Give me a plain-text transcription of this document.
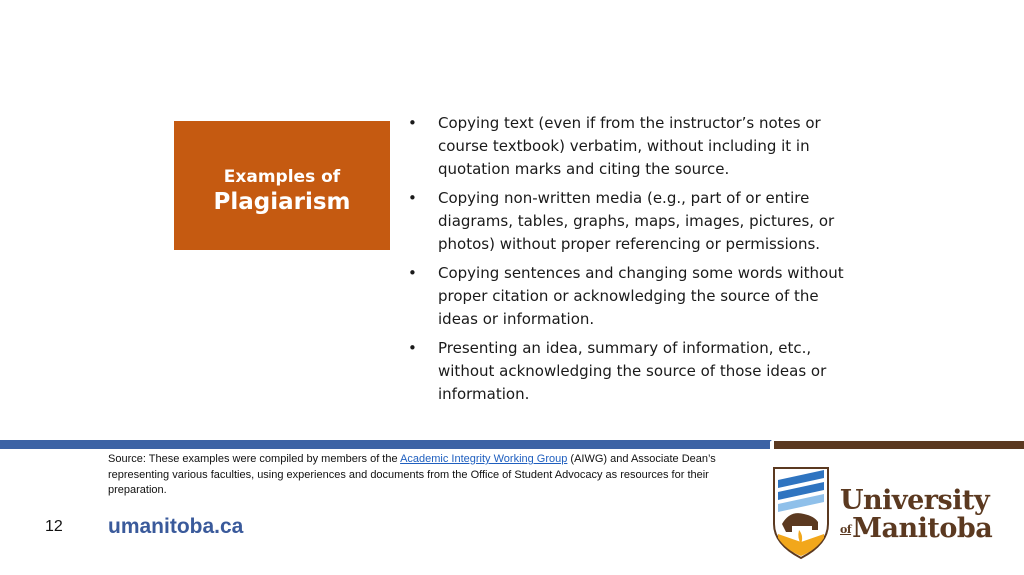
Examples of
Plagiarism
• Copying text (even if from the instructor’s notes or course textbook) verbatim, without including it in quotation marks and citing the source.
• Copying non-written media (e.g., part of or entire diagrams, tables, graphs, maps, images, pictures, or photos) without proper referencing or permissions.
• Copying sentences and changing some words without proper citation or acknowledging the source of the ideas or information.
• Presenting an idea, summary of information, etc., without acknowledging the source of those ideas or information.
Source: These examples were compiled by members of the Academic Integrity Working Group (AIWG) and Associate Dean’s representing various faculties, using experiences and documents from the Office of Student Advocacy as resources for their preparation.
12 umanitoba.ca
University
ofManitoba
